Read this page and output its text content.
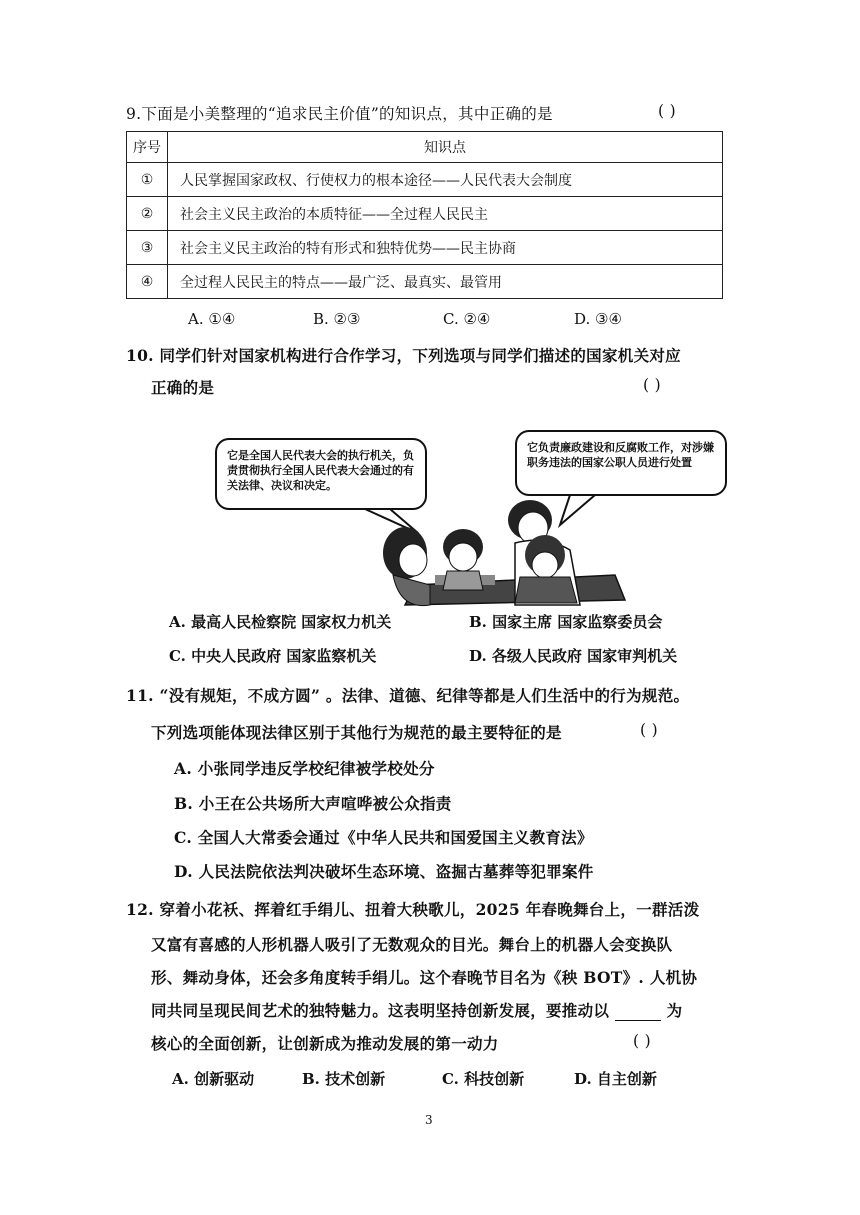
9.下面是小美整理的“追求民主价值”的知识点，其中正确的是	( )
序号	知识点
①	人民掌握国家政权、行使权力的根本途径——人民代表大会制度
②	社会主义民主政治的本质特征——全过程人民民主
③	社会主义民主政治的特有形式和独特优势——民主协商
④	全过程人民民主的特点——最广泛、最真实、最管用
A. ①④	B. ②③	C. ②④	D. ③④
10. 同学们针对国家机构进行合作学习，下列选项与同学们描述的国家机关对应
正确的是	( )
它是全国人民代表大会的执行机关，负责贯彻执行全国人民代表大会通过的有关法律、决议和决定。
它负责廉政建设和反腐败工作，对涉嫌职务违法的国家公职人员进行处置
A. 最高人民检察院 国家权力机关	B. 国家主席 国家监察委员会
C. 中央人民政府 国家监察机关	D. 各级人民政府 国家审判机关
11. “没有规矩，不成方圆” 。法律、道德、纪律等都是人们生活中的行为规范。
下列选项能体现法律区别于其他行为规范的最主要特征的是	( )
A. 小张同学违反学校纪律被学校处分
B. 小王在公共场所大声喧哗被公众指责
C. 全国人大常委会通过《中华人民共和国爱国主义教育法》
D. 人民法院依法判决破坏生态环境、盗掘古墓葬等犯罪案件
12. 穿着小花袄、挥着红手绢儿、扭着大秧歌儿，2025 年春晚舞台上，一群活泼
又富有喜感的人形机器人吸引了无数观众的目光。舞台上的机器人会变换队
形、舞动身体，还会多角度转手绢儿。这个春晚节目名为《秧 BOT》. 人机协
同共同呈现民间艺术的独特魅力。这表明坚持创新发展，要推动以	为
核心的全面创新，让创新成为推动发展的第一动力	( )
A. 创新驱动	B. 技术创新	C. 科技创新	D. 自主创新
3
